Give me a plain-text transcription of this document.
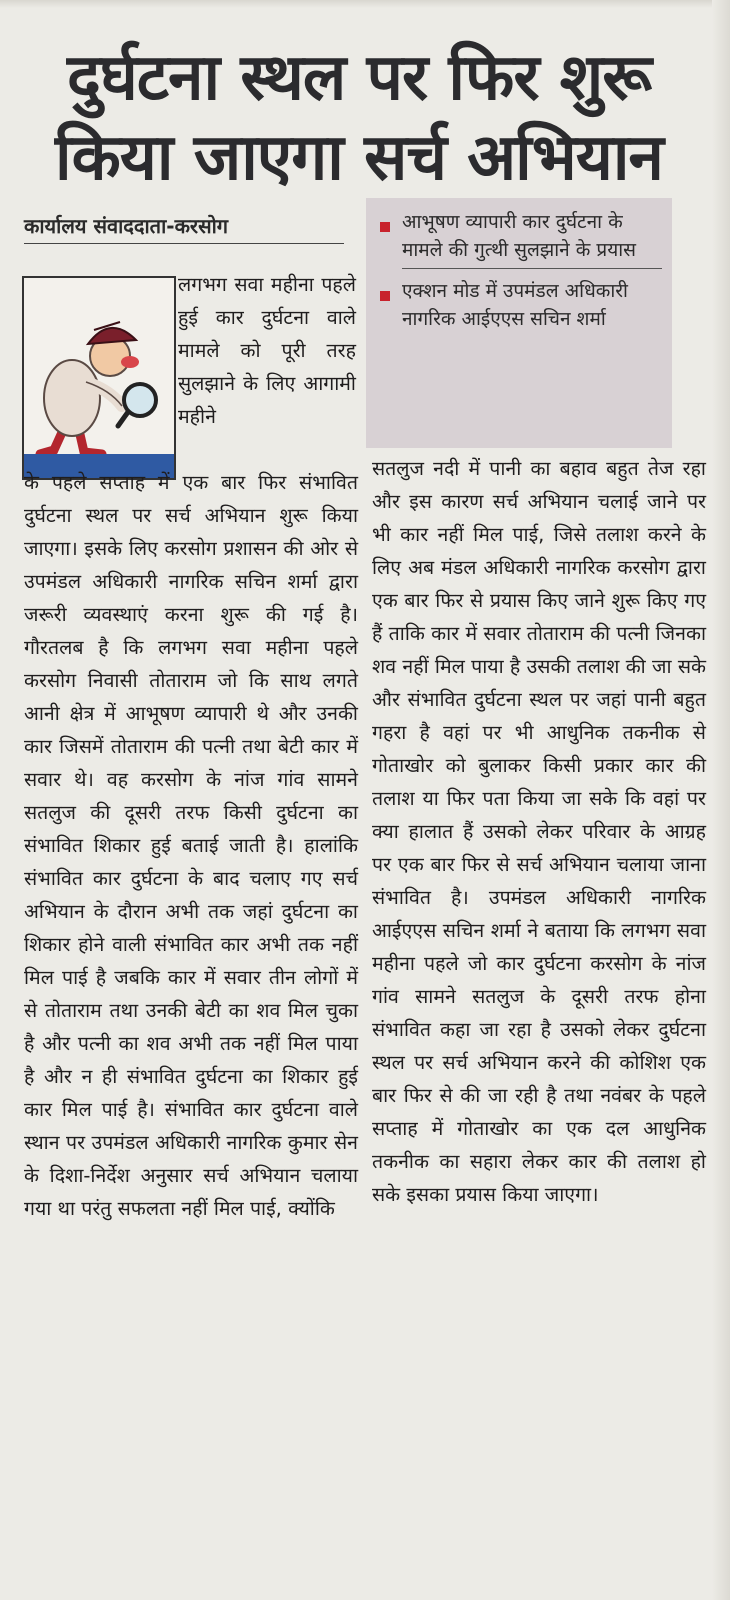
दुर्घटना स्थल पर फिर शुरू
किया जाएगा सर्च अभियान
कार्यालय संवाददाता-करसोग	आभूषण व्यापारी कार दुर्घटना के मामले की गुत्थी सुलझाने के प्रयास
एक्शन मोड में उपमंडल अधिकारी नागरिक आईएएस सचिन शर्मा

लगभग सवा महीना पहले हुई कार दुर्घटना वाले मामले को पूरी तरह सुलझाने के लिए आगामी महीने

के पहले सप्ताह में एक बार फिर संभावित दुर्घटना स्थल पर सर्च अभियान शुरू किया जाएगा। इसके लिए करसोग प्रशासन की ओर से उपमंडल अधिकारी नागरिक सचिन शर्मा द्वारा जरूरी व्यवस्थाएं करना शुरू की गई है। गौरतलब है कि लगभग सवा महीना पहले करसोग निवासी तोताराम जो कि साथ लगते आनी क्षेत्र में आभूषण व्यापारी थे और उनकी कार जिसमें तोताराम की पत्नी तथा बेटी कार में सवार थे। वह करसोग के नांज गांव सामने सतलुज की दूसरी तरफ किसी दुर्घटना का संभावित शिकार हुई बताई जाती है। हालांकि संभावित कार दुर्घटना के बाद चलाए गए सर्च अभियान के दौरान अभी तक जहां दुर्घटना का शिकार होने वाली संभावित कार अभी तक नहीं मिल पाई है जबकि कार में सवार तीन लोगों में से तोताराम तथा उनकी बेटी का शव मिल चुका है और पत्नी का शव अभी तक नहीं मिल पाया है और न ही संभावित दुर्घटना का शिकार हुई कार मिल पाई है। संभावित कार दुर्घटना वाले स्थान पर उपमंडल अधिकारी नागरिक कुमार सेन के दिशा-निर्देश अनुसार सर्च अभियान चलाया गया था परंतु सफलता नहीं मिल पाई, क्योंकि

सतलुज नदी में पानी का बहाव बहुत तेज रहा और इस कारण सर्च अभियान चलाई जाने पर भी कार नहीं मिल पाई, जिसे तलाश करने के लिए अब मंडल अधिकारी नागरिक करसोग द्वारा एक बार फिर से प्रयास किए जाने शुरू किए गए हैं ताकि कार में सवार तोताराम की पत्नी जिनका शव नहीं मिल पाया है उसकी तलाश की जा सके और संभावित दुर्घटना स्थल पर जहां पानी बहुत गहरा है वहां पर भी आधुनिक तकनीक से गोताखोर को बुलाकर किसी प्रकार कार की तलाश या फिर पता किया जा सके कि वहां पर क्या हालात हैं उसको लेकर परिवार के आग्रह पर एक बार फिर से सर्च अभियान चलाया जाना संभावित है। उपमंडल अधिकारी नागरिक आईएएस सचिन शर्मा ने बताया कि लगभग सवा महीना पहले जो कार दुर्घटना करसोग के नांज गांव सामने सतलुज के दूसरी तरफ होना संभावित कहा जा रहा है उसको लेकर दुर्घटना स्थल पर सर्च अभियान करने की कोशिश एक बार फिर से की जा रही है तथा नवंबर के पहले सप्ताह में गोताखोर का एक दल आधुनिक तकनीक का सहारा लेकर कार की तलाश हो सके इसका प्रयास किया जाएगा।
